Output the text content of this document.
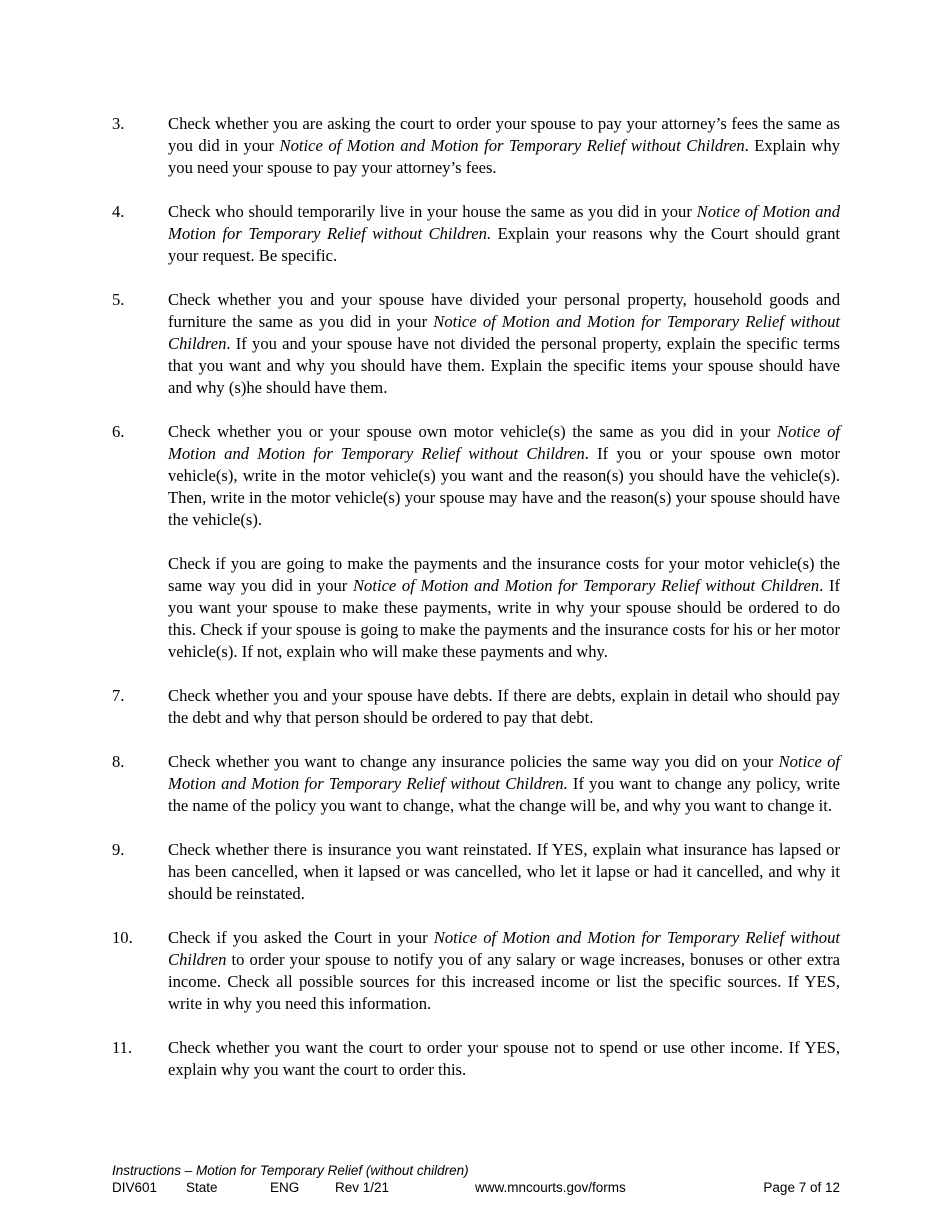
3.	Check whether you are asking the court to order your spouse to pay your attorney’s fees the same as you did in your Notice of Motion and Motion for Temporary Relief without Children. Explain why you need your spouse to pay your attorney’s fees.

4.	Check who should temporarily live in your house the same as you did in your Notice of Motion and Motion for Temporary Relief without Children. Explain your reasons why the Court should grant your request. Be specific.

5.	Check whether you and your spouse have divided your personal property, household goods and furniture the same as you did in your Notice of Motion and Motion for Temporary Relief without Children. If you and your spouse have not divided the personal property, explain the specific terms that you want and why you should have them. Explain the specific items your spouse should have and why (s)he should have them.

6.	Check whether you or your spouse own motor vehicle(s) the same as you did in your Notice of Motion and Motion for Temporary Relief without Children. If you or your spouse own motor vehicle(s), write in the motor vehicle(s) you want and the reason(s) you should have the vehicle(s). Then, write in the motor vehicle(s) your spouse may have and the reason(s) your spouse should have the vehicle(s).

Check if you are going to make the payments and the insurance costs for your motor vehicle(s) the same way you did in your Notice of Motion and Motion for Temporary Relief without Children. If you want your spouse to make these payments, write in why your spouse should be ordered to do this. Check if your spouse is going to make the payments and the insurance costs for his or her motor vehicle(s). If not, explain who will make these payments and why.

7.	Check whether you and your spouse have debts. If there are debts, explain in detail who should pay the debt and why that person should be ordered to pay that debt.

8.	Check whether you want to change any insurance policies the same way you did on your Notice of Motion and Motion for Temporary Relief without Children. If you want to change any policy, write the name of the policy you want to change, what the change will be, and why you want to change it.

9.	Check whether there is insurance you want reinstated. If YES, explain what insurance has lapsed or has been cancelled, when it lapsed or was cancelled, who let it lapse or had it cancelled, and why it should be reinstated.

10.	Check if you asked the Court in your Notice of Motion and Motion for Temporary Relief without Children to order your spouse to notify you of any salary or wage increases, bonuses or other extra income. Check all possible sources for this increased income or list the specific sources. If YES, write in why you need this information.

11.	Check whether you want the court to order your spouse not to spend or use other income. If YES, explain why you want the court to order this.

Instructions – Motion for Temporary Relief (without children)
DIV601 State	ENG	Rev 1/21	www.mncourts.gov/forms	Page 7 of 12
